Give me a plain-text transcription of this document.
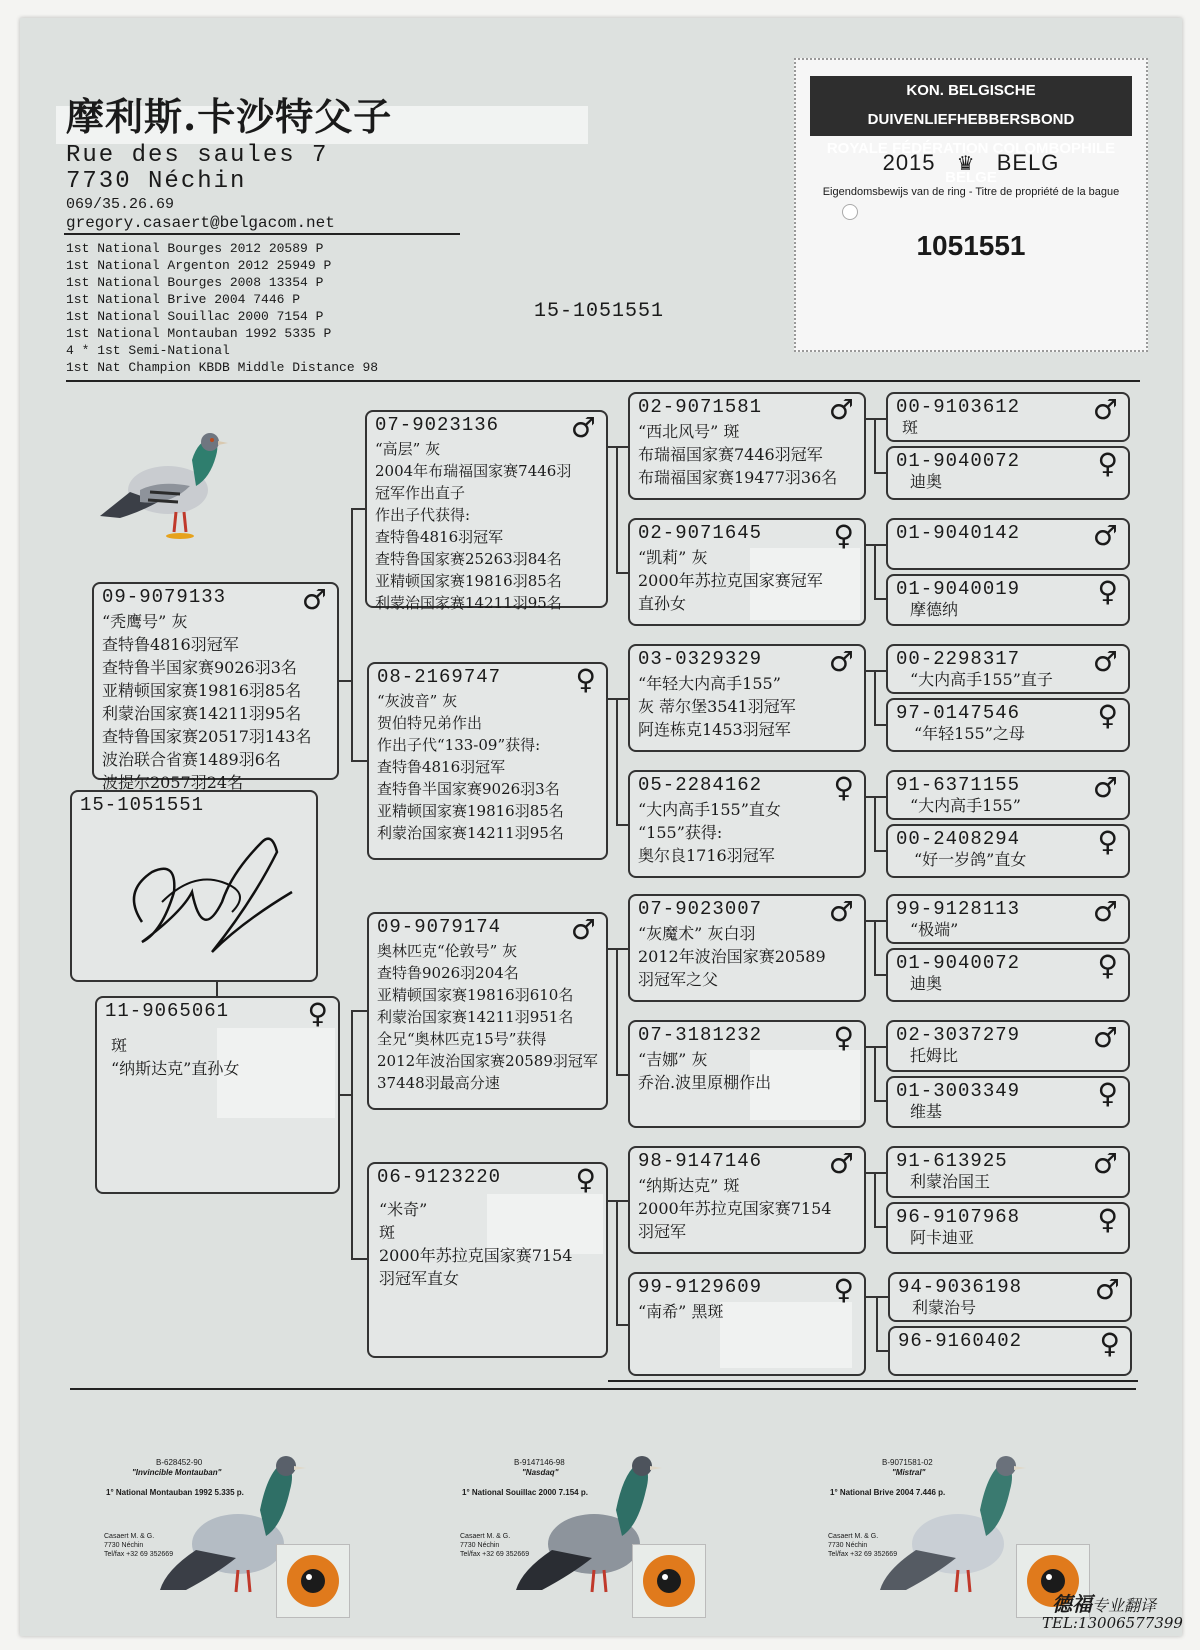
摩利斯.卡沙特父子
Rue des saules 7
7730 Néchin
069/35.26.69
gregory.casaert@belgacom.net
1st National Bourges 2012 20589 P
1st National Argenton 2012 25949 P
1st National Bourges 2008 13354 P
1st National Brive 2004 7446 P
1st National Souillac 2000 7154 P
1st National Montauban 1992 5335 P
4 * 1st Semi-National
1st Nat Champion KBDB Middle Distance 98
15-1051551
KON. BELGISCHE DUIVENLIEFHEBBERSBOND
ROYALE FÉDÉRATION COLOMBOPHILE BELGE
2015 ♛ BELG
Eigendomsbewijs van de ring - Titre de propriété de la bague
1051551
15-1051551
09-9079133	♂
“秃鹰号” 灰
查特鲁4816羽冠军
查特鲁半国家赛9026羽3名
亚精顿国家赛19816羽85名
利蒙治国家赛14211羽95名
查特鲁国家赛20517羽143名
波治联合省赛1489羽6名
波提尔2057羽24名
11-9065061	♀
斑
“纳斯达克”直孙女
07-9023136	♂
“高层” 灰
2004年布瑞福国家赛7446羽
冠军作出直子
作出子代获得:
查特鲁4816羽冠军
查特鲁国家赛25263羽84名
亚精顿国家赛19816羽85名
利蒙治国家赛14211羽95名
08-2169747	♀
“灰波音” 灰
贺伯特兄弟作出
作出子代“133-09”获得:
查特鲁4816羽冠军
查特鲁半国家赛9026羽3名
亚精顿国家赛19816羽85名
利蒙治国家赛14211羽95名
09-9079174 ♂
奥林匹克“伦敦号” 灰
查特鲁9026羽204名
亚精顿国家赛19816羽610名
利蒙治国家赛14211羽951名
全兄“奥林匹克15号”获得
2012年波治国家赛20589羽冠军
37448羽最高分速
06-9123220	♀
“米奇”
斑
2000年苏拉克国家赛7154
羽冠军直女
02-9071581 ♂
“西北风号” 斑
布瑞福国家赛7446羽冠军
布瑞福国家赛19477羽36名
02-9071645	♀
“凯莉” 灰
2000年苏拉克国家赛冠军
直孙女
03-0329329 ♂
“年轻大内高手155”
灰 蒂尔堡3541羽冠军
阿连栋克1453羽冠军
05-2284162	♀
“大内高手155”直女
“155”获得:
奥尔良1716羽冠军
07-9023007 ♂
“灰魔术” 灰白羽
2012年波治国家赛20589
羽冠军之父
07-3181232	♀
“吉娜” 灰
乔治.波里原棚作出
98-9147146 ♂
“纳斯达克” 斑
2000年苏拉克国家赛7154
羽冠军
99-9129609	♀
“南希” 黑斑
00-9103612	♂
斑
01-9040072	♀
迪奥
01-9040142	♂
01-9040019	♀
摩德纳
00-2298317	♂
“大内高手155”直子
97-0147546	♀
“年轻155”之母
91-6371155	♂
“大内高手155”
00-2408294	♀
“好一岁鸽”直女
99-9128113	♂
“极端”
01-9040072	♀
迪奥
02-3037279	♂
托姆比
01-3003349	♀
维基
91-613925	♂
利蒙治国王
96-9107968	♀
阿卡迪亚
94-9036198	♂
利蒙治号
96-9160402	♀
B-628452-90
"Invincible Montauban"
1° National Montauban 1992 5.335 p.
Casaert M. & G.
7730 Néchin
Tel/fax +32 69 352669
B-9147146-98
"Nasdaq"
1° National Souillac 2000 7.154 p.
Casaert M. & G.
7730 Néchin
Tel/fax +32 69 352669
B-9071581-02
"Mistral"
1° National Brive 2004 7.446 p.
Casaert M. & G.
7730 Néchin
Tel/fax +32 69 352669
德福专业翻译
TEL:13006577399
